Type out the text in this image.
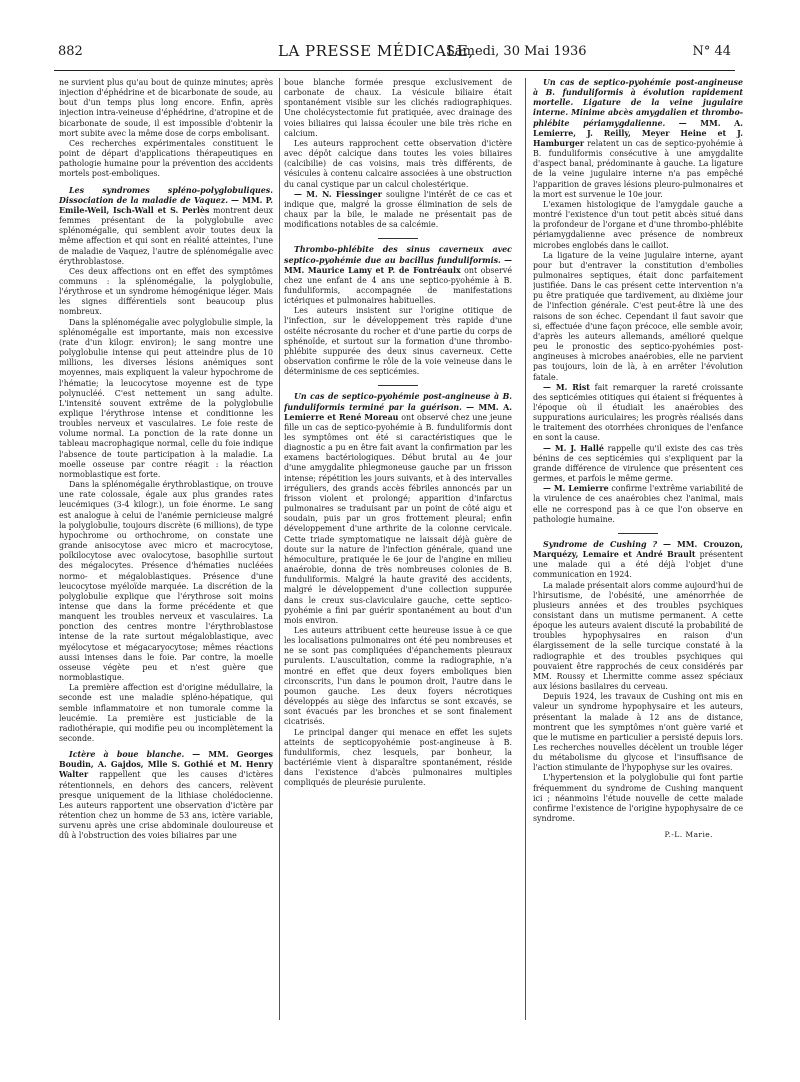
882	LA PRESSE MÉDICALE,
Samedi, 30 Mai 1936	N° 44

ne survient plus qu'au bout de quinze minutes; après injection d'éphédrine et de bicarbonate de soude, au bout d'un temps plus long encore. Enfin, après injection intra-veineuse d'éphédrine, d'atropine et de bicarbonate de soude, il est impossible d'obtenir la mort subite avec la même dose de corps embolisant.

Ces recherches expérimentales constituent le point de départ d'applications thérapeutiques en pathologie humaine pour la prévention des accidents mortels post-emboliques.

Les syndromes spléno-polyglobuliques. Dissociation de la maladie de Vaquez. — MM. P. Emile-Weil, Isch-Wall et S. Perlès montrent deux femmes présentant de la polyglobulie avec splénomégalie, qui semblent avoir toutes deux la même affection et qui sont en réalité atteintes, l'une de maladie de Vaquez, l'autre de splénomégalie avec érythroblastose.

Ces deux affections ont en effet des symptômes communs : la splénomégalie, la polyglobulie, l'érythrose et un syndrome hémogénique léger. Mais les signes différentiels sont beaucoup plus nombreux.

Dans la splénomégalie avec polyglobulie simple, la splénomégalie est importante, mais non excessive (rate d'un kilogr. environ); le sang montre une polyglobulie intense qui peut atteindre plus de 10 millions, les diverses lésions anémiques sont moyennes, mais expliquent la valeur hypochrome de l'hématie; la leucocytose moyenne est de type polynucléé. C'est nettement un sang adulte. L'intensité souvent extrême de la polyglobulie explique l'érythrose intense et conditionne les troubles nerveux et vasculaires. Le foie reste de volume normal. La ponction de la rate donne un tableau macrophagique normal, celle du foie indique l'absence de toute participation à la maladie. La moelle osseuse par contre réagit : la réaction normoblastique est forte.

Dans la splénomégalie érythroblastique, on trouve une rate colossale, égale aux plus grandes rates leucémiques (3-4 kilogr.), un foie énorme. Le sang est analogue à celui de l'anémie pernicieuse malgré la polyglobulie, toujours discrète (6 millions), de type hypochrome ou orthochrome, on constate une grande anisocytose avec micro et macrocytose, poïkilocytose avec ovalocytose, basophilie surtout des mégalocytes. Présence d'hématies nucléées normo- et mégaloblastiques. Présence d'une leucocytose myéloïde marquée. La discrétion de la polyglobulie explique que l'érythrose soit moins intense que dans la forme précédente et que manquent les troubles nerveux et vasculaires. La ponction des centres montre l'érythroblastose intense de la rate surtout mégaloblastique, avec myélocytose et mégacaryocytose; mêmes réactions aussi intenses dans le foie. Par contre, la moelle osseuse végète peu et n'est guère que normoblastique.

La première affection est d'origine médullaire, la seconde est une maladie spléno-hépatique, qui semble inflammatoire et non tumorale comme la leucémie. La première est justiciable de la radiothérapie, qui modifie peu ou incomplètement la seconde.

Ictère à boue blanche. — MM. Georges Boudin, A. Gajdos, Mlle S. Gothié et M. Henry Walter rappellent que les causes d'ictères rétentionnels, en dehors des cancers, relèvent presque uniquement de la lithiase cholédocienne. Les auteurs rapportent une observation d'ictère par rétention chez un homme de 53 ans, ictère variable, survenu après une crise abdominale douloureuse et dû à l'obstruction des voies biliaires par une

boue blanche formée presque exclusivement de carbonate de chaux. La vésicule biliaire était spontanément visible sur les clichés radiographiques. Une cholécystectomie fut pratiquée, avec drainage des voies biliaires qui laissa écouler une bile très riche en calcium.

Les auteurs rapprochent cette observation d'ictère avec dépôt calcique dans toutes les voies biliaires (calcibilie) de cas voisins, mais très différents, de vésicules à contenu calcaire associées à une obstruction du canal cystique par un calcul cholestérique.

— M. N. Fiessinger souligne l'intérêt de ce cas et indique que, malgré la grosse élimination de sels de chaux par la bile, le malade ne présentait pas de modifications notables de sa calcémie.

Thrombo-phlébite des sinus caverneux avec septico-pyohémie due au bacillus funduliformis. — MM. Maurice Lamy et P. de Fontréaulx ont observé chez une enfant de 4 ans une septico-pyohémie à B. funduliformis, accompagnée de manifestations ictériques et pulmonaires habituelles.

Les auteurs insistent sur l'origine otitique de l'infection, sur le développement très rapide d'une ostéite nécrosante du rocher et d'une partie du corps de sphénoïde, et surtout sur la formation d'une thrombo-phlébite suppurée des deux sinus caverneux. Cette observation confirme le rôle de la voie veineuse dans le déterminisme de ces septicémies.

Un cas de septico-pyohémie post-angineuse à B. funduliformis terminé par la guérison. — MM. A. Lemierre et René Moreau ont observé chez une jeune fille un cas de septico-pyohémie à B. funduliformis dont les symptômes ont été si caractéristiques que le diagnostic a pu en être fait avant la confirmation par les examens bactériologiques. Début brutal au 4e jour d'une amygdalite phlegmoneuse gauche par un frisson intense; répétition les jours suivants, et à des intervalles irréguliers, des grands accès fébriles annoncés par un frisson violent et prolongé; apparition d'infarctus pulmonaires se traduisant par un point de côté aigu et soudain, puis par un gros frottement pleural; enfin développement d'une arthrite de la colonne cervicale. Cette triade symptomatique ne laissait déjà guère de doute sur la nature de l'infection générale, quand une hémoculture, pratiquée le 6e jour de l'angine en milieu anaérobie, donna de très nombreuses colonies de B. funduliformis. Malgré la haute gravité des accidents, malgré le développement d'une collection suppurée dans le creux sus-claviculaire gauche, cette septico-pyohémie a fini par guérir spontanément au bout d'un mois environ.

Les auteurs attribuent cette heureuse issue à ce que les localisations pulmonaires ont été peu nombreuses et ne se sont pas compliquées d'épanchements pleuraux purulents. L'auscultation, comme la radiographie, n'a montré en effet que deux foyers emboliques bien circonscrits, l'un dans le poumon droit, l'autre dans le poumon gauche. Les deux foyers nécrotiques développés au siège des infarctus se sont excavés, se sont évacués par les bronches et se sont finalement cicatrisés.

Le principal danger qui menace en effet les sujets atteints de septicopyohémie post-angineuse à B. funduliformis, chez lesquels, par bonheur, la bactériémie vient à disparaître spontanément, réside dans l'existence d'abcès pulmonaires multiples compliqués de pleurésie purulente.

Un cas de septico-pyohémie post-angineuse à B. funduliformis à évolution rapidement mortelle. Ligature de la veine jugulaire interne. Minime abcès amygdalien et thrombo-phlébite périamygdalienne. — MM. A. Lemierre, J. Reilly, Meyer Heine et J. Hamburger relatent un cas de septico-pyohémie à B. funduliformis consécutive à une amygdalite d'aspect banal, prédominante à gauche. La ligature de la veine jugulaire interne n'a pas empêché l'apparition de graves lésions pleuro-pulmonaires et la mort est survenue le 10e jour.

L'examen histologique de l'amygdale gauche a montré l'existence d'un tout petit abcès situé dans la profondeur de l'organe et d'une thrombo-phlébite périamygdalienne avec présence de nombreux microbes englobés dans le caillot.

La ligature de la veine jugulaire interne, ayant pour but d'entraver la constitution d'embolies pulmonaires septiques, était donc parfaitement justifiée. Dans le cas présent cette intervention n'a pu être pratiquée que tardivement, au dixième jour de l'infection générale. C'est peut-être là une des raisons de son échec. Cependant il faut savoir que si, effectuée d'une façon précoce, elle semble avoir, d'après les auteurs allemands, amélioré quelque peu le pronostic des septico-pyohémies post-angineuses à microbes anaérobies, elle ne parvient pas toujours, loin de là, à en arrêter l'évolution fatale.

— M. Rist fait remarquer la rareté croissante des septicémies otitiques qui étaient si fréquentes à l'époque où il étudiait les anaérobies des suppurations auriculaires; les progrès réalisés dans le traitement des otorrhées chroniques de l'enfance en sont la cause.

— M. J. Hallé rappelle qu'il existe des cas très bénins de ces septicémies qui s'expliquent par la grande différence de virulence que présentent ces germes, et parfois le même germe.

— M. Lemierre confirme l'extrême variabilité de la virulence de ces anaérobies chez l'animal, mais elle ne correspond pas à ce que l'on observe en pathologie humaine.

Syndrome de Cushing ? — MM. Crouzon, Marquézy, Lemaire et André Brault présentent une malade qui a été déjà l'objet d'une communication en 1924.

La malade présentait alors comme aujourd'hui de l'hirsutisme, de l'obésité, une aménorrhée de plusieurs années et des troubles psychiques consistant dans un mutisme permanent. A cette époque les auteurs avaient discuté la probabilité de troubles hypophysaires en raison d'un élargissement de la selle turcique constaté à la radiographie et des troubles psychiques qui pouvaient être rapprochés de ceux considérés par MM. Roussy et Lhermitte comme assez spéciaux aux lésions basilaires du cerveau.

Depuis 1924, les travaux de Cushing ont mis en valeur un syndrome hypophysaire et les auteurs, présentant la malade à 12 ans de distance, montrent que les symptômes n'ont guère varié et que le mutisme en particulier a persisté depuis lors. Les recherches nouvelles décèlent un trouble léger du métabolisme du glycose et l'insuffisance de l'action stimulante de l'hypophyse sur les ovaires.

L'hypertension et la polyglobulie qui font partie fréquemment du syndrome de Cushing manquent ici ; néanmoins l'étude nouvelle de cette malade confirme l'existence de l'origine hypophysaire de ce syndrome.

P.-L. Marie.
